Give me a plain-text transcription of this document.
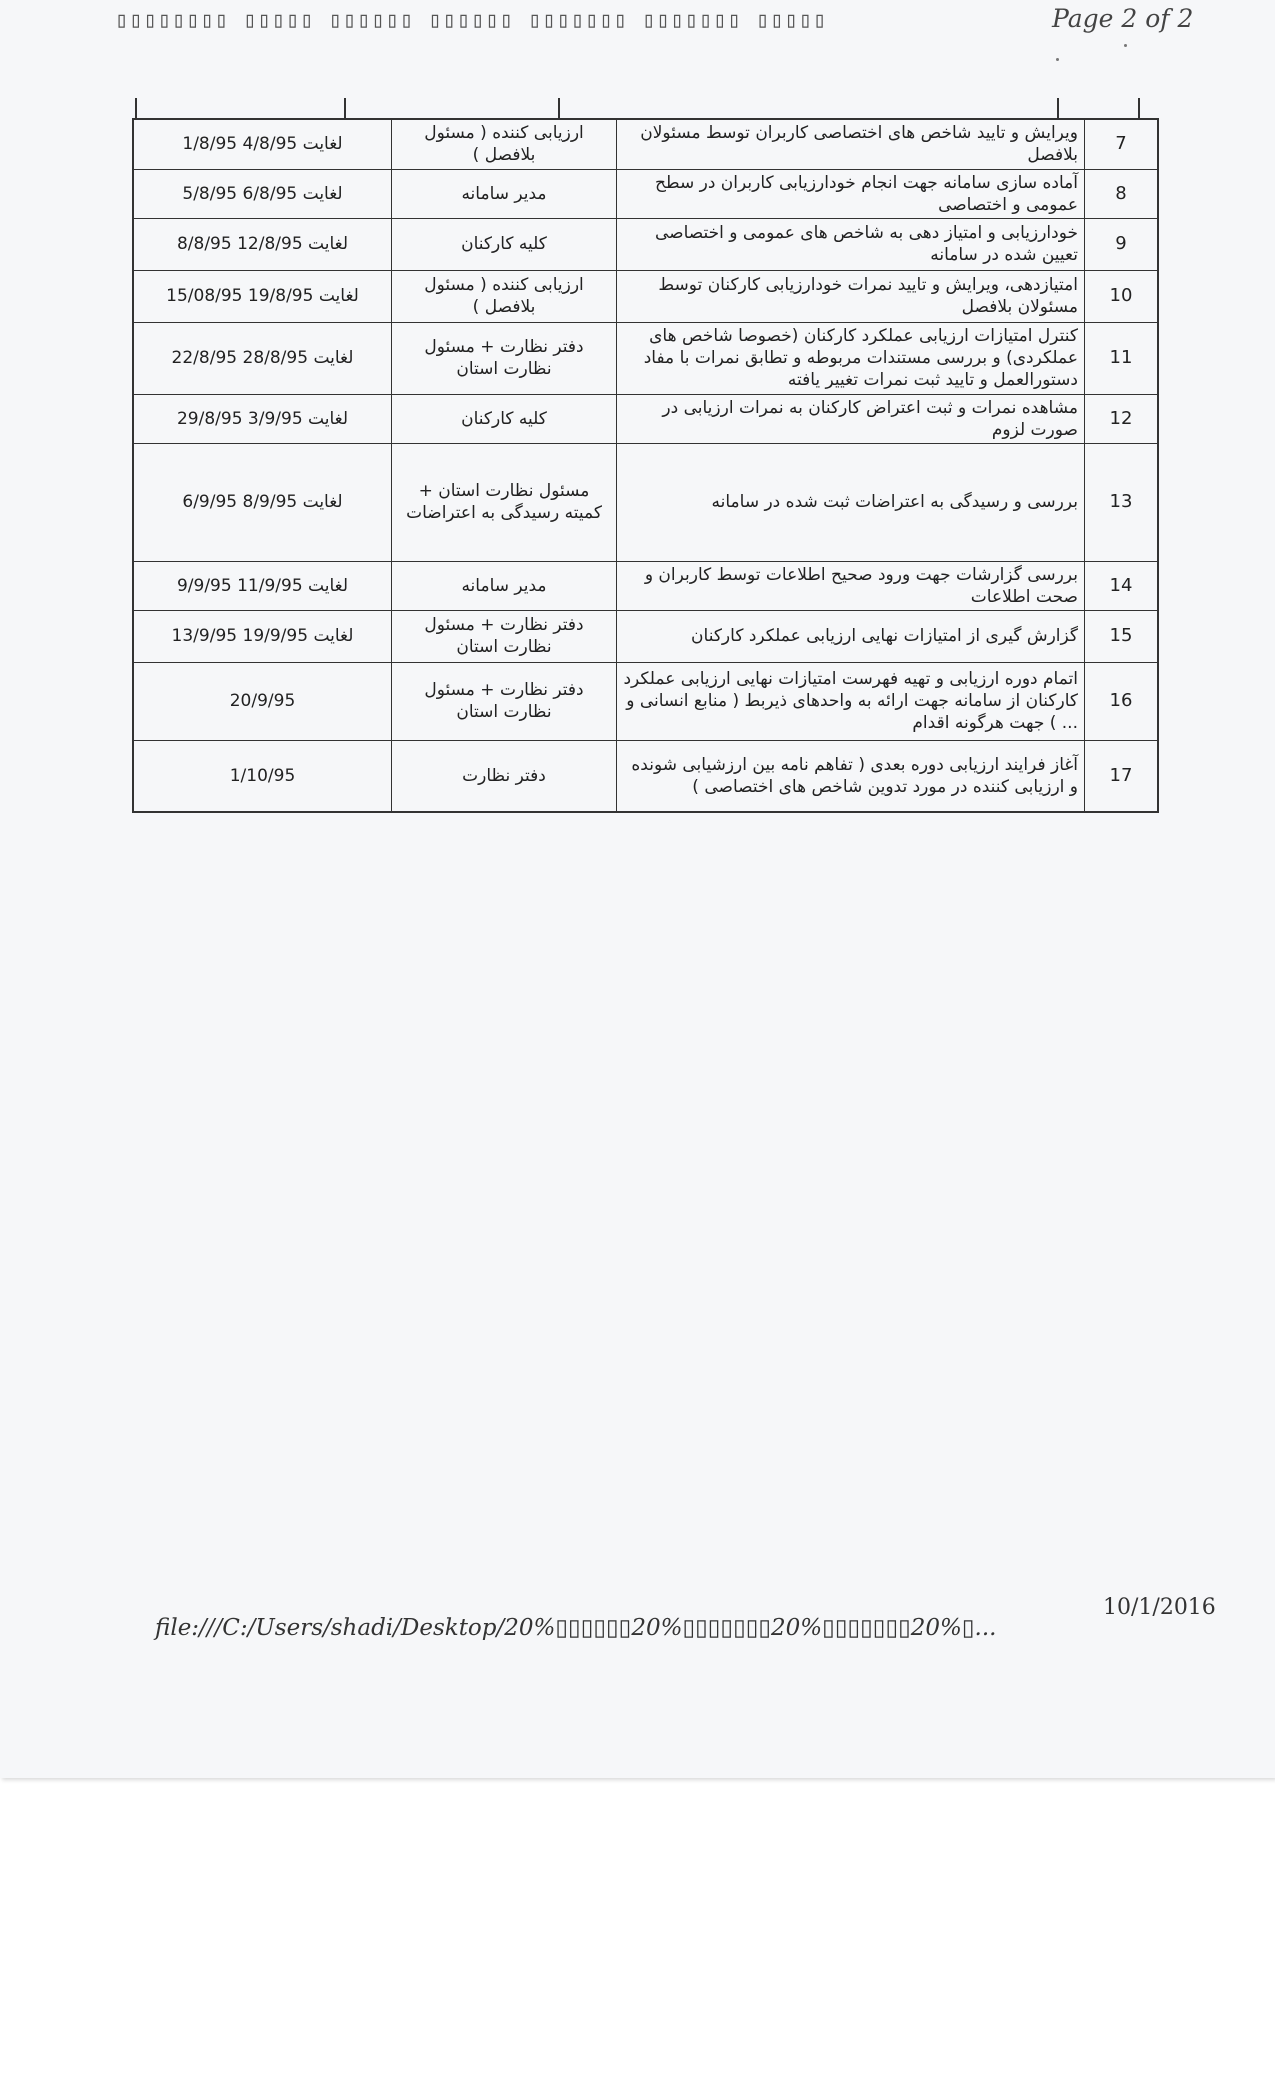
▯▯▯▯▯▯▯▯ ▯▯▯▯▯ ▯▯▯▯▯▯ ▯▯▯▯▯▯ ▯▯▯▯▯▯▯ ▯▯▯▯▯▯▯ ▯▯▯▯▯	Page 2 of 2
7	ویرایش و تایید شاخص های اختصاصی کاربران توسط مسئولان بلافصل	ارزیابی کننده ( مسئول بلافصل )	1/8/95 لغایت 4/8/95
8	آماده سازی سامانه جهت انجام خودارزیابی کاربران در سطح عمومی و اختصاصی	مدیر سامانه	5/8/95 لغایت 6/8/95
9	خودارزیابی و امتیاز دهی به شاخص های عمومی و اختصاصی تعیین شده در سامانه	کلیه کارکنان	8/8/95 لغایت 12/8/95
10	امتیازدهی، ویرایش و تایید نمرات خودارزیابی کارکنان توسط مسئولان بلافصل	ارزیابی کننده ( مسئول بلافصل )	15/08/95 لغایت 19/8/95
11	کنترل امتیازات ارزیابی عملکرد کارکنان (خصوصا شاخص های عملکردی) و بررسی مستندات مربوطه و تطابق نمرات با مفاد دستورالعمل و تایید ثبت نمرات تغییر یافته	دفتر نظارت + مسئول نظارت استان	22/8/95 لغایت 28/8/95
12	مشاهده نمرات و ثبت اعتراض کارکنان به نمرات ارزیابی در صورت لزوم	کلیه کارکنان	29/8/95 لغایت 3/9/95
13	بررسی و رسیدگی به اعتراضات ثبت شده در سامانه	مسئول نظارت استان + کمیته رسیدگی به اعتراضات	6/9/95 لغایت 8/9/95
14	بررسی گزارشات جهت ورود صحیح اطلاعات توسط کاربران و صحت اطلاعات	مدیر سامانه	9/9/95 لغایت 11/9/95
15	گزارش گیری از امتیازات نهایی ارزیابی عملکرد کارکنان	دفتر نظارت + مسئول نظارت استان	13/9/95 لغایت 19/9/95
16	اتمام دوره ارزیابی و تهیه فهرست امتیازات نهایی ارزیابی عملکرد کارکنان از سامانه جهت ارائه به واحدهای ذیربط ( منابع انسانی و ... ) جهت هرگونه اقدام	دفتر نظارت + مسئول نظارت استان	20/9/95
17	آغاز فرایند ارزیابی دوره بعدی ( تفاهم نامه بین ارزشیابی شونده و ارزیابی کننده در مورد تدوین شاخص های اختصاصی )	دفتر نظارت	1/10/95
file:///C:/Users/shadi/Desktop/20%▯▯▯▯▯▯20%▯▯▯▯▯▯▯20%▯▯▯▯▯▯▯20%▯...
10/1/2016
